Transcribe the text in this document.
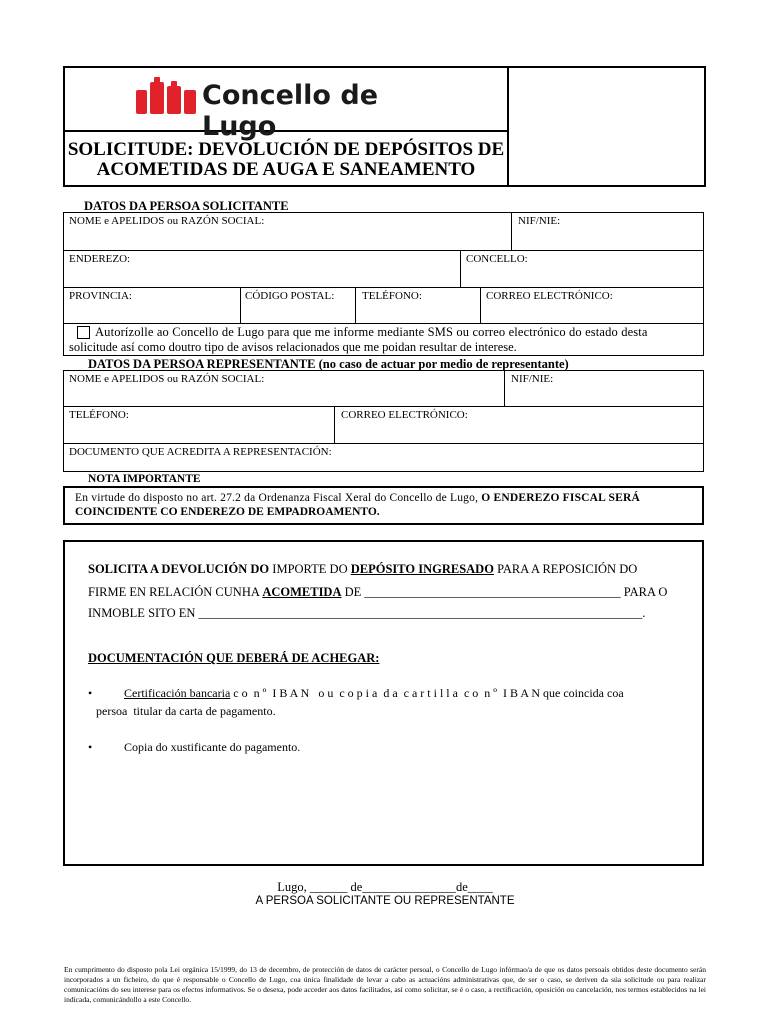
Concello de Lugo
SOLICITUDE: DEVOLUCIÓN DE DEPÓSITOS DE
ACOMETIDAS DE AUGA E SANEAMENTO
DATOS DA PERSOA SOLICITANTE
NOME e APELIDOS ou RAZÓN SOCIAL:	NIF/NIE:
ENDEREZO:	CONCELLO:
PROVINCIA:	CÓDIGO POSTAL:	TELÉFONO:	CORREO ELECTRÓNICO:
Autorízolle ao Concello de Lugo para que me informe mediante SMS ou correo electrónico do estado desta
solicitude así como doutro tipo de avisos relacionados que me poidan resultar de interese.
DATOS DA PERSOA REPRESENTANTE (no caso de actuar por medio de representante)
NOME e APELIDOS ou RAZÓN SOCIAL:	NIF/NIE:
TELÉFONO:	CORREO ELECTRÓNICO:
DOCUMENTO QUE ACREDITA A REPRESENTACIÓN:
NOTA IMPORTANTE
En virtude do disposto no art. 27.2 da Ordenanza Fiscal Xeral do Concello de Lugo, O ENDEREZO FISCAL SERÁ
COINCIDENTE CO ENDEREZO DE EMPADROAMENTO.
SOLICITA A DEVOLUCIÓN DO IMPORTE DO DEPÓSITO INGRESADO PARA A REPOSICIÓN DO
FIRME EN RELACIÓN CUNHA ACOMETIDA DE _________________________________________ PARA O
INMOBLE SITO EN _______________________________________________________________________.
DOCUMENTACIÓN QUE DEBERÁ DE ACHEGAR:
•	Certificación bancaria c o  n º  I B A N   o u  c o p i a  d a  c a r t i l l a  c o  n º  I B A N que coincida coa
persoa  titular da carta de pagamento.
•	Copia do xustificante do pagamento.
Lugo, ______ de_______________de____
A PERSOA SOLICITANTE OU REPRESENTANTE
En cumprimento do disposto pola Lei orgánica 15/1999, do 13 de decembro, de protección de datos de carácter persoal, o Concello de Lugo infórmao/a de que os datos persoais obtidos deste documento serán incorporados a un ficheiro, do que é responsable o Concello de Lugo, coa única finalidade de levar a cabo as actuacións administrativas que, de ser o caso, se deriven da súa solicitude ou para realizar comunicacións do seu interese para os efectos informativos. Se o desexa, pode acceder aos datos facilitados, así como solicitar, se é o caso, a rectificación, oposición ou cancelación, nos termos establecidos na lei indicada, comunicándollo a este Concello.
